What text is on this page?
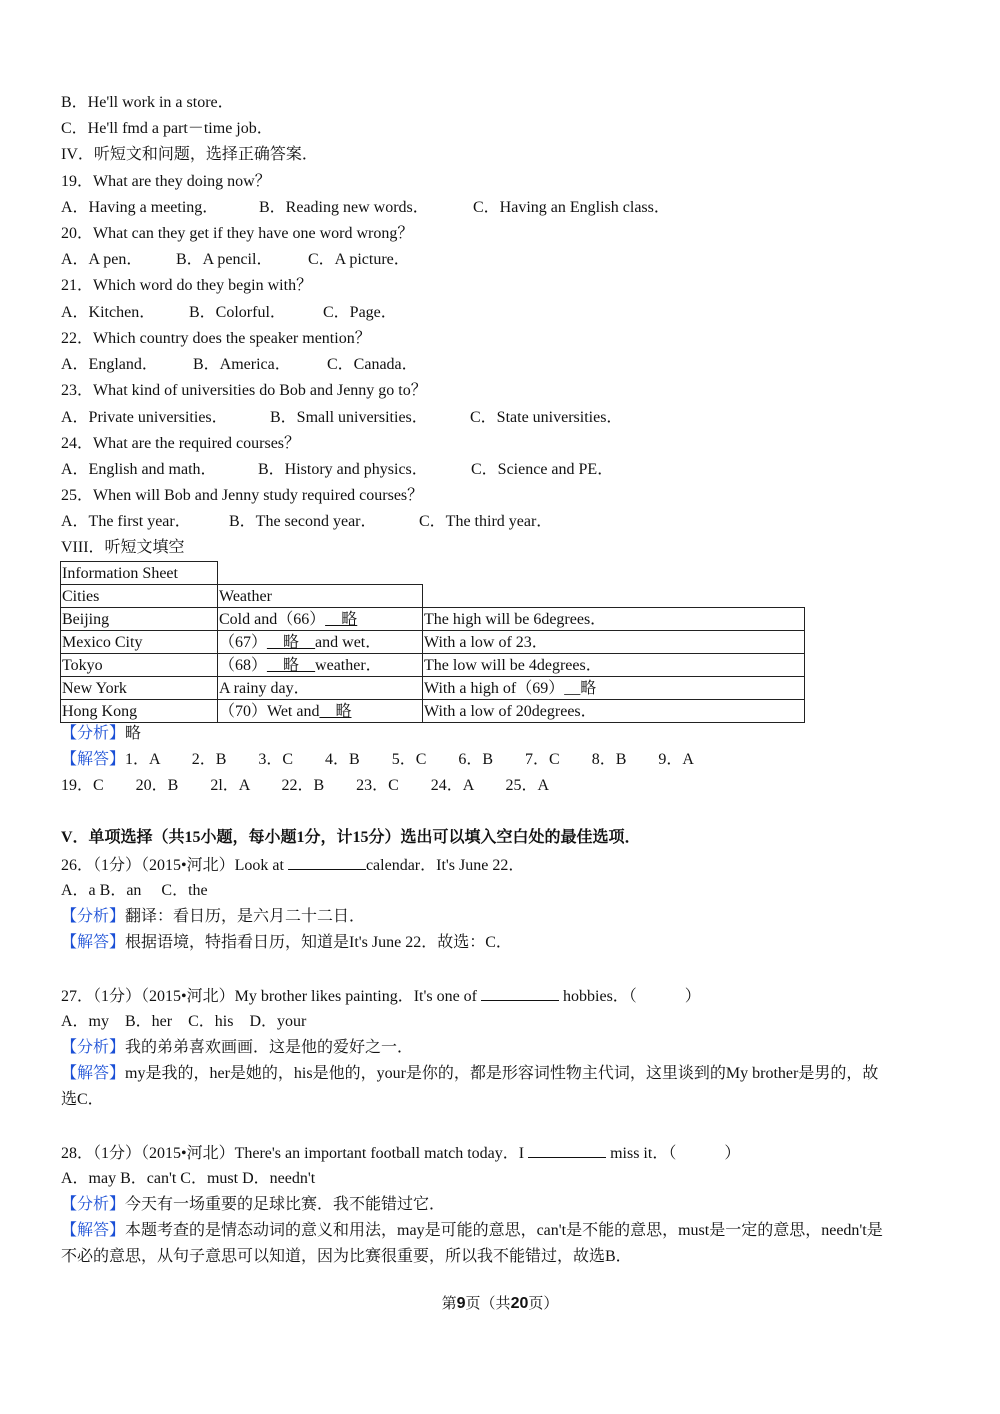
B．He'll work in a store．
C．He'll fmd a part－time job．
IV．听短文和问题，选择正确答案．
19．What are they doing now？
A．Having a meeting．	B．Reading new words．	C．Having an English class．
20．What can they get if they have one word wrong？
A．A pen． B．A pencil． C．A picture．
21．Which word do they begin with？
A．Kitchen． B．Colorful． C．Page．
22．Which country does the speaker mention？
A．England． B．America． C．Canada．
23．What kind of universities do Bob and Jenny go to？
A．Private universities．	B．Small universities．	C．State universities．
24．What are the required courses？
A．English and math．	B．History and physics．	C．Science and PE．
25．When will Bob and Jenny study required courses？
A．The first year． B．The second year．	C．The third year．
VIII．听短文填空
Information Sheet		
Cities	Weather	
Beijing	Cold and（66）__略	The high will be 6degrees．
Mexico City	（67）__略__and wet．	With a low of 23．
Tokyo	（68）__略__weather．	The low will be 4degrees．
New York	A rainy day．	With a high of（69）__略
Hong Kong	（70）Wet and__略	With a low of 20degrees．
【分析】略
【解答】1．A　　2．B　　3．C　　4．B　　5．C　　6．B　　7．C　　8．B　　9．A
19．C　　20．B　　2l．A　　22．B　　23．C　　24．A　　25．A
V．单项选择（共15小题，每小题1分，计15分）选出可以填入空白处的最佳选项．
26．（1分）（2015•河北）Look at	calendar．It's June 22．
A．a B．an　 C．the
【分析】翻译：看日历，是六月二十二日．
【解答】根据语境，特指看日历，知道是It's June 22．故选：C．
27．（1分）（2015•河北）My brother likes painting．It's one of	hobbies．（	）
A．my　B．her　C．his　D．your
【分析】我的弟弟喜欢画画．这是他的爱好之一．
【解答】my是我的，her是她的，his是他的，your是你的，都是形容词性物主代词，这里谈到的My brother是男的，故
选C．
28．（1分）（2015•河北）There's an important football match today．I	miss it．（	）
A．may B．can't C．must D．needn't
【分析】今天有一场重要的足球比赛．我不能错过它．
【解答】本题考查的是情态动词的意义和用法，may是可能的意思，can't是不能的意思，must是一定的意思，needn't是
不必的意思，从句子意思可以知道，因为比赛很重要，所以我不能错过，故选B．
第9页（共20页）
